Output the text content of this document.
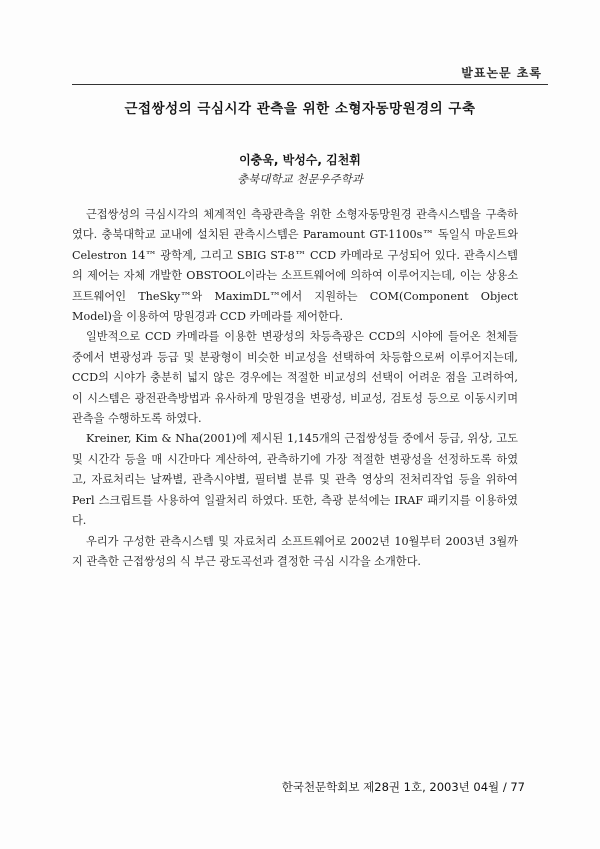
발표논문 초록
근접쌍성의 극심시각 관측을 위한 소형자동망원경의 구축
이충욱, 박성수, 김천휘
충북대학교 천문우주학과

근접쌍성의 극심시각의 체계적인 측광관측을 위한 소형자동망원경 관측시스템을 구축하였다. 충북대학교 교내에 설치된 관측시스템은 Paramount GT-1100s™ 독일식 마운트와 Celestron 14™ 광학계, 그리고 SBIG ST-8™ CCD 카메라로 구성되어 있다. 관측시스템의 제어는 자체 개발한 OBSTOOL이라는 소프트웨어에 의하여 이루어지는데, 이는 상용소프트웨어인 TheSky™와 MaximDL™에서 지원하는 COM(Component Object Model)을 이용하여 망원경과 CCD 카메라를 제어한다.

일반적으로 CCD 카메라를 이용한 변광성의 차등측광은 CCD의 시야에 들어온 천체들 중에서 변광성과 등급 및 분광형이 비슷한 비교성을 선택하여 차등함으로써 이루어지는데, CCD의 시야가 충분히 넓지 않은 경우에는 적절한 비교성의 선택이 어려운 점을 고려하여, 이 시스템은 광전관측방법과 유사하게 망원경을 변광성, 비교성, 검토성 등으로 이동시키며 관측을 수행하도록 하였다.

Kreiner, Kim & Nha(2001)에 제시된 1,145개의 근접쌍성들 중에서 등급, 위상, 고도 및 시간각 등을 매 시간마다 계산하여, 관측하기에 가장 적절한 변광성을 선정하도록 하였고, 자료처리는 날짜별, 관측시야별, 필터별 분류 및 관측 영상의 전처리작업 등을 위하여 Perl 스크립트를 사용하여 일괄처리 하였다. 또한, 측광 분석에는 IRAF 패키지를 이용하였다.

우리가 구성한 관측시스템 및 자료처리 소프트웨어로 2002년 10월부터 2003년 3월까지 관측한 근접쌍성의 식 부근 광도곡선과 결정한 극심 시각을 소개한다.

한국천문학회보 제28권 1호, 2003년 04월 / 77
